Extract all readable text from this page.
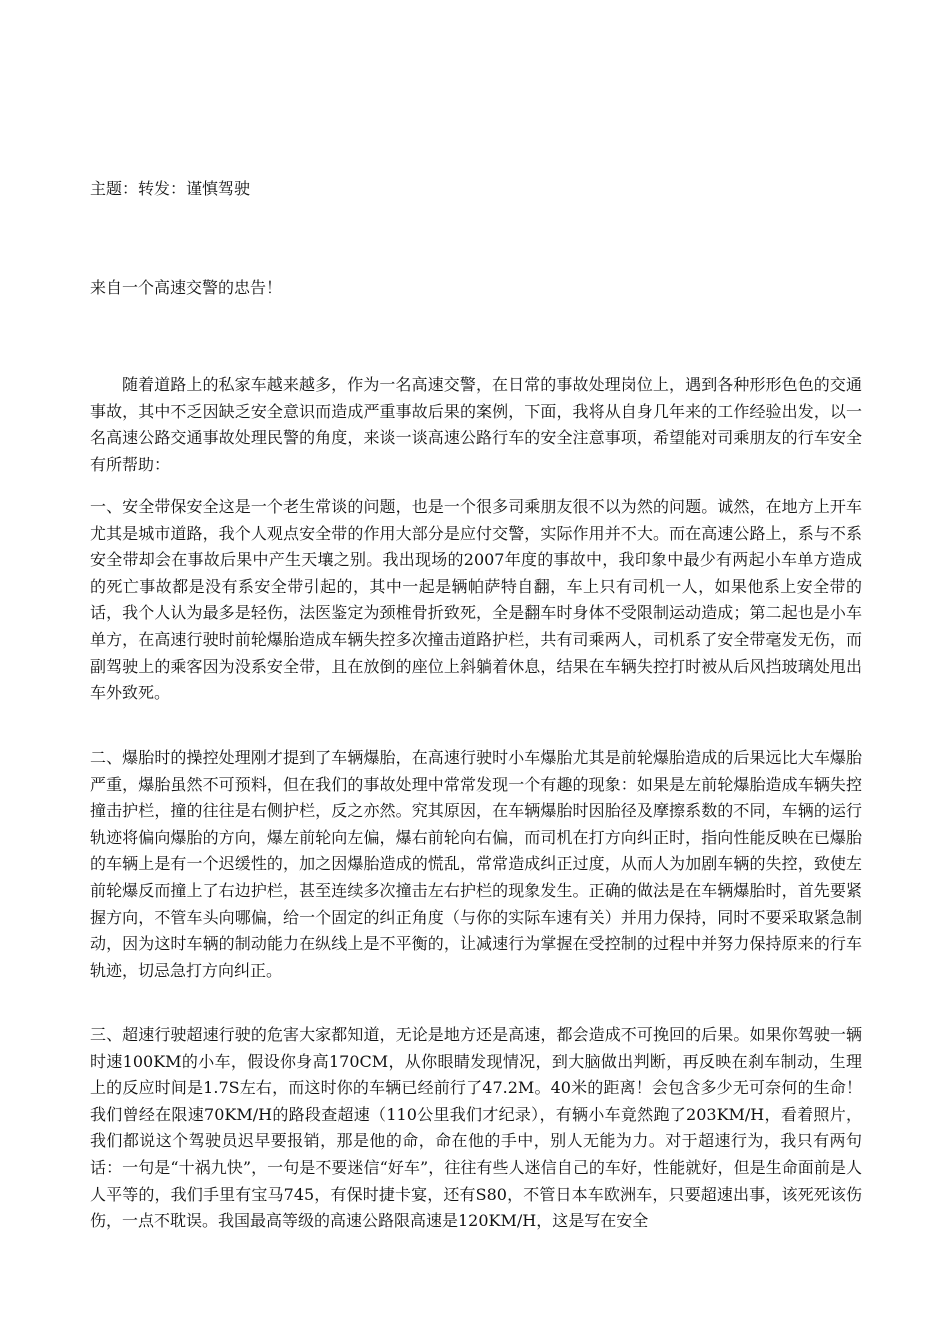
主题：转发：谨慎驾驶
来自一个高速交警的忠告！

随着道路上的私家车越来越多，作为一名高速交警，在日常的事故处理岗位上，遇到各种形形色色的交通事故，其中不乏因缺乏安全意识而造成严重事故后果的案例，下面，我将从自身几年来的工作经验出发，以一名高速公路交通事故处理民警的角度，来谈一谈高速公路行车的安全注意事项，希望能对司乘朋友的行车安全有所帮助：

一、安全带保安全这是一个老生常谈的问题，也是一个很多司乘朋友很不以为然的问题。诚然，在地方上开车尤其是城市道路，我个人观点安全带的作用大部分是应付交警，实际作用并不大。而在高速公路上，系与不系安全带却会在事故后果中产生天壤之别。我出现场的2007年度的事故中，我印象中最少有两起小车单方造成的死亡事故都是没有系安全带引起的，其中一起是辆帕萨特自翻，车上只有司机一人，如果他系上安全带的话，我个人认为最多是轻伤，法医鉴定为颈椎骨折致死，全是翻车时身体不受限制运动造成；第二起也是小车单方，在高速行驶时前轮爆胎造成车辆失控多次撞击道路护栏，共有司乘两人，司机系了安全带毫发无伤，而副驾驶上的乘客因为没系安全带，且在放倒的座位上斜躺着休息，结果在车辆失控打时被从后风挡玻璃处甩出车外致死。

二、爆胎时的操控处理刚才提到了车辆爆胎，在高速行驶时小车爆胎尤其是前轮爆胎造成的后果远比大车爆胎严重，爆胎虽然不可预料，但在我们的事故处理中常常发现一个有趣的现象：如果是左前轮爆胎造成车辆失控撞击护栏，撞的往往是右侧护栏，反之亦然。究其原因，在车辆爆胎时因胎径及摩擦系数的不同，车辆的运行轨迹将偏向爆胎的方向，爆左前轮向左偏，爆右前轮向右偏，而司机在打方向纠正时，指向性能反映在已爆胎的车辆上是有一个迟缓性的，加之因爆胎造成的慌乱，常常造成纠正过度，从而人为加剧车辆的失控，致使左前轮爆反而撞上了右边护栏，甚至连续多次撞击左右护栏的现象发生。正确的做法是在车辆爆胎时，首先要紧握方向，不管车头向哪偏，给一个固定的纠正角度（与你的实际车速有关）并用力保持，同时不要采取紧急制动，因为这时车辆的制动能力在纵线上是不平衡的，让减速行为掌握在受控制的过程中并努力保持原来的行车轨迹，切忌急打方向纠正。

三、超速行驶超速行驶的危害大家都知道，无论是地方还是高速，都会造成不可挽回的后果。如果你驾驶一辆时速100KM的小车，假设你身高170CM，从你眼睛发现情况，到大脑做出判断，再反映在刹车制动，生理上的反应时间是1.7S左右，而这时你的车辆已经前行了47.2M。40米的距离！会包含多少无可奈何的生命！我们曾经在限速70KM/H的路段查超速（110公里我们才纪录），有辆小车竟然跑了203KM/H，看着照片，我们都说这个驾驶员迟早要报销，那是他的命，命在他的手中，别人无能为力。对于超速行为，我只有两句话：一句是“十祸九快”，一句是不要迷信“好车”，往往有些人迷信自己的车好，性能就好，但是生命面前是人人平等的，我们手里有宝马745，有保时捷卡宴，还有S80，不管日本车欧洲车，只要超速出事，该死死该伤伤，一点不耽误。我国最高等级的高速公路限高速是120KM/H，这是写在安全
